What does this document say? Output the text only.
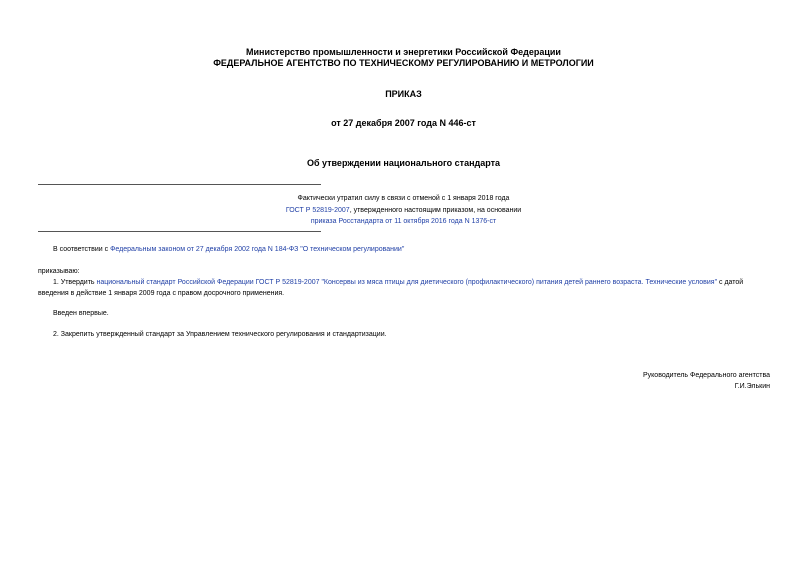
Министерство промышленности и энергетики Российской Федерации
ФЕДЕРАЛЬНОЕ АГЕНТСТВО ПО ТЕХНИЧЕСКОМУ РЕГУЛИРОВАНИЮ И МЕТРОЛОГИИ
ПРИКАЗ
от 27 декабря 2007 года N 446-ст
Об утверждении национального стандарта
Фактически утратил силу в связи с отменой с 1 января 2018 года
ГОСТ Р 52819-2007, утвержденного настоящим приказом, на основании
приказа Росстандарта от 11 октября 2016 года N 1376-ст
В соответствии с Федеральным законом от 27 декабря 2002 года N 184-ФЗ "О техническом регулировании"
приказываю:
1. Утвердить национальный стандарт Российской Федерации ГОСТ Р 52819-2007 "Консервы из мяса птицы для диетического (профилактического) питания детей раннего возраста. Технические условия" с датой введения в действие 1 января 2009 года с правом досрочного применения.
Введен впервые.
2. Закрепить утвержденный стандарт за Управлением технического регулирования и стандартизации.
Руководитель Федерального агентства
Г.И.Элькин
